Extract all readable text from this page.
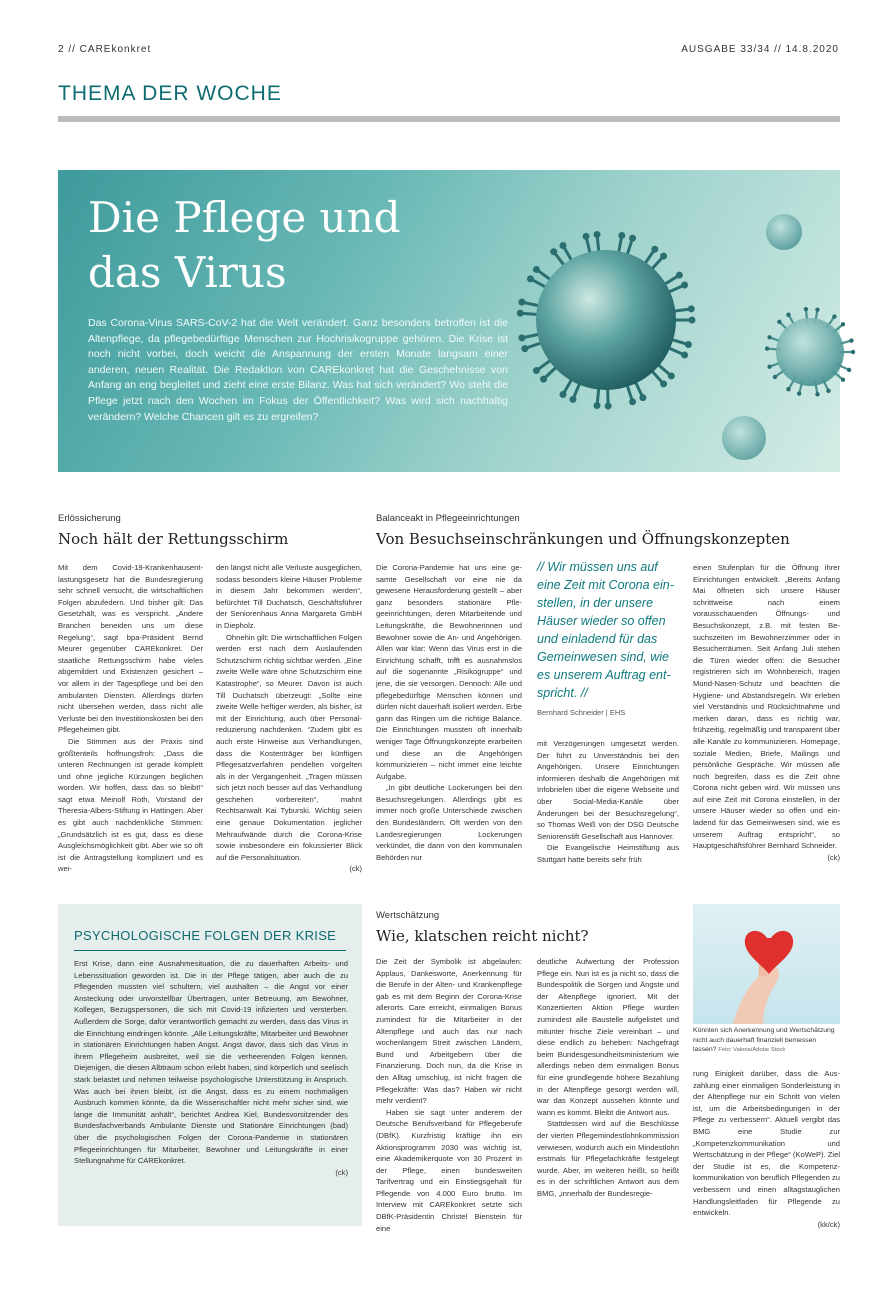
2 // CAREkonkret	AUSGABE 33/34 // 14.8.2020
THEMA DER WOCHE
Die Pflege und
das Virus
Das Corona-Virus SARS-CoV-2 hat die Welt verändert. Ganz besonders betroffen ist die Altenpflege, da pflegebedürftige Menschen zur Hochrisikogruppe gehören. Die Krise ist noch nicht vorbei, doch weicht die Anspannung der ersten Monate langsam einer anderen, neuen Realität. Die Redaktion von CAREkonkret hat die Geschehnisse von Anfang an eng begleitet und zieht eine erste Bilanz. Was hat sich verändert? Wo steht die Pflege jetzt nach den Wochen im Fokus der Öffentlichkeit? Was wird sich nachhaltig verändern? Welche Chancen gilt es zu ergreifen?
Erlössicherung
Noch hält der Rettungsschirm

Mit dem Covid-19-Krankenhausentlastungsgesetz hat die Bundesregierung sehr schnell versucht, die wirtschaftlichen Folgen abzufedern. Und bisher gilt: Das Gesetzhält, was es verspricht. „Andere Branchen beneiden uns um diese Regelung“, sagt bpa-Präsident Bernd Meurer gegenüber CAREkonkret. Der staatliche Rettungsschirm habe vieles abgemildert und Existenzen gesichert – vor allem in der Tagespflege und bei den ambulanten Diensten. Allerdings dürfen nicht übersehen werden, dass nicht alle Verluste bei den Investitionskosten bei den Pflegeheimen gibt.

Die Stimmen aus der Praxis sind größtenteils hoffnungsfroh: „Dass die unteren Rechnungen ist gerade komplett und ohne jegliche Kürzungen beglichen worden. Wir hoffen, dass das so bleibt!“ sagt etwa Meinolf Roth, Vorstand der Theresia-Albers-Stiftung in Hattingen. Aber es gibt auch nachdenkliche Stimmen: „Grundsätzlich ist es gut, dass es diese Ausgleichsmöglichkeit gibt. Aber wie so oft ist die Antragstellung kompliziert und es wei-

den längst nicht alle Verluste ausgeglichen, sodass besonders kleine Häuser Probleme in diesem Jahr bekommen werden“, befürchtet Till Duchatsch, Geschäftsführer der Seniorenhaus Anna Margareta GmbH in Diepholz.

Ohnehin gilt: Die wirtschaftlichen Folgen werden erst nach dem Auslaufenden Schutzschirm richtig sichtbar werden. „Eine zweite Welle wäre ohne Schutzschirm eine Katastrophe“, so Meurer. Davon ist auch Till Duchatsch überzeugt: „Sollte eine zweite Welle heftiger werden, als bisher, ist mit der Einrichtung, auch über Personalreduzierung nachdenken. “Zudem gibt es auch erste Hinweise aus Verhandlungen, dass die Kostenträger bei künftigen Pflegesatzverfahren pendelten vorgelten als in der Vergangenheit. „Tragen müssen sich jetzt noch besser auf das Verhandlung geschehen vorbereiten“, mahnt Rechtsanwalt Kai Tyburski. Wichtig seien eine genaue Dokumentation jeglicher Mehraufwände durch die Corona-Krise sowie insbesondere ein fokussierter Blick auf die Personalsituation.

(ck)

Balanceakt in Pflegeeinrichtungen
Von Besuchseinschränkungen und Öffnungskonzepten

Die Corona-Pandemie hat uns eine gesamte Gesellschaft vor eine nie da gewesene Herausforderung gestellt – aber ganz besonders stationäre Pflegeeinrichtungen, deren Mitarbeitende und Leitungskräfte, die Bewohnerinnen und Bewohner sowie die An- und Angehörigen. Allen war klar: Wenn das Virus erst in die Einrichtung schafft, trifft es ausnahmslos auf die sogenannte „Risikogruppe“ und jene, die sie versorgen. Dennoch: Alle und pflegebedürftige Menschen können und dürfen nicht dauerhaft isoliert werden. Erbe gann das Ringen um die richtige Balance. Die Einrichtungen mussten oft innerhalb weniger Tage Öffnungskonzepte erarbeiten und diese an die Angehörigen kommunizieren – nicht immer eine leichte Aufgabe.

„In gibt deutliche Lockerungen bei den Besuchsregelungen. Allerdings gibt es immer noch große Unterschiede zwischen den Bundesländern. Oft werden von den Landesregierungen Lockerungen verkündet, die dann von den kommunalen Behörden nur

// Wir müssen uns auf eine Zeit mit Corona einstellen, in der unsere Häuser wieder so offen und einladend für das Gemeinwesen sind, wie es unserem Auftrag entspricht. //
Bernhard Schneider | EHS

mit Verzögerungen umgesetzt werden. Der führt zu Unverständnis bei den Angehörigen. Unsere Einrichtungen informieren deshalb die Angehörigen mit Infobriefen über die eigene Webseite und über Social-Media-Kanäle über Änderungen bei der Besuchsregelung“, so Thomas Weiß von der DSG Deutsche Seniorenstift Gesellschaft aus Hannover.

Die Evangelische Heimstiftung aus Stuttgart hatte bereits sehr früh

einen Stufenplan für die Öffnung ihrer Einrichtungen entwickelt. „Bereits Anfang Mai öffneten sich unsere Häuser schrittweise nach einem vorausschauenden Öffnungs- und Besuchskonzept, z.B. mit festen Besuchszeiten im Bewohnerzimmer oder in Besucherräumen. Seit Anfang Juli stehen die Türen wieder offen: die Besucher registrieren sich im Wohnbereich, tragen Mund-Nasen-Schutz und beachten die Hygiene- und Abstandsregeln. Wir erleben viel Verständnis und Rücksichtnahme und merken daran, dass es richtig war, frühzeitig, regelmäßig und transparent über alle Kanäle zu kommunizieren. Homepage, soziale Medien, Briefe, Mailings und persönliche Gespräche. Wir müssen alle noch begreifen, dass es die Zeit ohne Corona nicht geben wird. Wir müssen uns auf eine Zeit mit Corona einstellen, in der unsere Häuser wieder so offen und einladend für das Gemeinwesen sind, wie es unserem Auftrag entspricht“, so Hauptgeschäftsführer Bernhard Schneider.

(ck)

PSYCHOLOGISCHE FOLGEN DER KRISE

Erst Krise, dann eine Ausnahmesituation, die zu dauerhaften Arbeits- und Lebenssituation geworden ist. Die in der Pflege tätigen, aber auch die zu Pflegenden mussten viel schultern, viel aushalten – die Angst vor einer Ansteckung oder unvorstellbar Übertragen, unter Betreuung, am Bewohner, Kollegen, Bezugspersonen, die sich mit Covid-19 infizierten und versterben. Außerdem die Sorge, dafür verantwortlich gemacht zu werden, dass das Virus in die Einrichtung eindringen könnte. „Alle Leitungskräfte, Mitarbeiter und Bewohner in stationären Einrichtungen haben Angst. Angst davor, dass sich das Virus in ihrem Pflegeheim ausbreitet, weil sie die verheerenden Folgen kennen. Diejenigen, die diesen Albtraum schon erlebt haben, sind körperlich und seelisch stark belastet und nehmen teilweise psychologische Unterstützung in Anspruch. Was auch bei ihnen bleibt, ist die Angst, dass es zu einem nochmaligen Ausbruch kommen könnte, da die Wissenschaftler nicht mehr sicher sind, wie lange die Immunität anhält“, berichtet Andrea Kiel, Bundesvorsitzender des Bundesfachverbands Ambulante Dienste und Stationäre Einrichtungen (bad) über die psychologischen Folgen der Corona-Pandemie in stationären Pflegeeinrichtungen für Mitarbeiter, Bewohner und Leitungskräfte in einer Stellungnahme für CAREkonkret.

(ck)

Wertschätzung
Wie, klatschen reicht nicht?

Die Zeit der Symbolik ist abgelaufen: Applaus, Dankesworte, Anerkennung für die Berufe in der Alten- und Krankenpflege gab es mit dem Beginn der Corona-Krise allerorts. Care erreicht, einmaligen Bonus zumindest für die Mitarbeiter in der Altenpflege und auch das nur nach wochenlangem Streit zwischen Ländern, Bund und Arbeitgebern über die Finanzierung. Doch nun, da die Krise in den Alltag umschlug, ist nicht fragen die Pflegekräfte: Was das? Haben wir nicht mehr verdient?

Haben sie sagt unter anderem der Deutsche Berufsverband für Pflegeberufe (DBfK). Kurzfristig kräftige ihn ein Aktionsprogramm 2030 was wichtig ist, eine Akademikerquote von 30 Prozent in der Pflege, einen bundesweiten Tarifvertrag und ein Einstiegsgehalt für Pflegende von 4.000 Euro brutto. Im Interview mit CAREkonkret setzte sich DBfK-Präsidentin Christel Bienstein für eine

deutliche Aufwertung der Profession Pflege ein. Nun ist es ja nicht so, dass die Bundespolitik die Sorgen und Ängste und der Altenpflege ignoriert. Mit der Konzertierten Aktion Pflege wurden zumindest alle Baustelle aufgelistet und mitunter frische Ziele vereinbart – und diese endlich zu beheben: Nachgefragt beim Bundesgesundheitsministerium wie allerdings neben dem einmaligen Bonus für eine grundlegende höhere Bezahlung in der Altenpflege gesorgt werden will, war das Konzept aussehen könnte und wann es kommt. Bleibt die Antwort aus.

Stattdessen wird auf die Beschlüsse der vierten Pflegemindestlohnkommission verwiesen, wodurch auch ein Mindestlohn erstmals für Pflegefachkräfte festgelegt wurde. Aber, im weiteren heißt, so heißt es in der schriftlichen Antwort aus dem BMG, „innerhalb der Bundesregie-

Könnten sich Anerkennung und Wertschätzung nicht auch dauerhaft finanziell bemessen lassen? Foto: Valeria/Adobe Stock

rung Einigkeit darüber, dass die Auszahlung einer einmaligen Sonderleistung in der Altenpflege nur ein Schritt von vielen ist, um die Arbeitsbedingungen in der Pflege zu verbessern“. Aktuell vergibt das BMG eine Studie zur „Kompetenzkommunikation und Wertschätzung in der Pflege“ (KoWeP). Ziel der Studie ist es, die Kompetenzkommunikation von beruflich Pflegenden zu verbessern und einen alltagstauglichen Handlungsleitfaden für Pflegende zu entwickeln.

(kk/ck)
